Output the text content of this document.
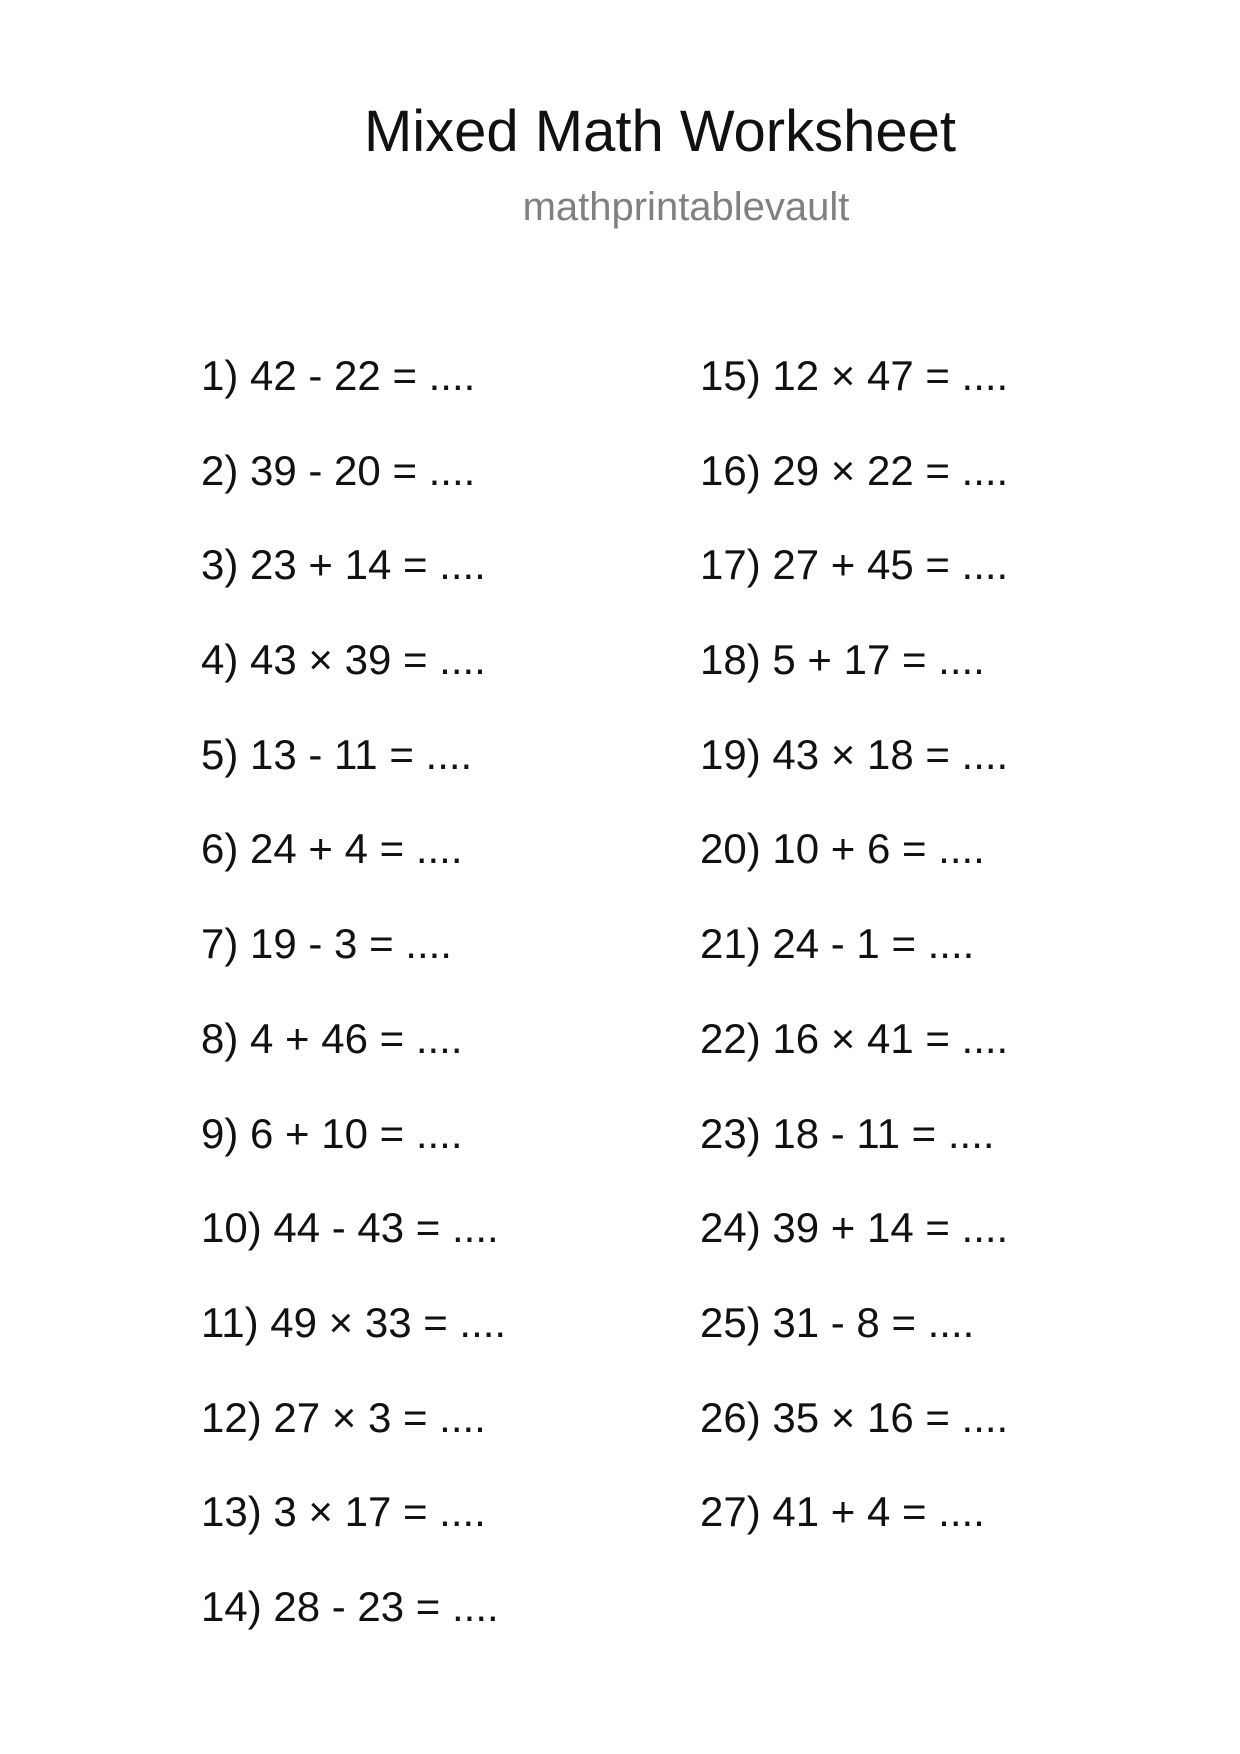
Mixed Math Worksheet
mathprintablevault
1) 42 - 22 = ....
2) 39 - 20 = ....
3) 23 + 14 = ....
4) 43 × 39 = ....
5) 13 - 11 = ....
6) 24 + 4 = ....
7) 19 - 3 = ....
8) 4 + 46 = ....
9) 6 + 10 = ....
10) 44 - 43 = ....
11) 49 × 33 = ....
12) 27 × 3 = ....
13) 3 × 17 = ....
14) 28 - 23 = ....
15) 12 × 47 = ....
16) 29 × 22 = ....
17) 27 + 45 = ....
18) 5 + 17 = ....
19) 43 × 18 = ....
20) 10 + 6 = ....
21) 24 - 1 = ....
22) 16 × 41 = ....
23) 18 - 11 = ....
24) 39 + 14 = ....
25) 31 - 8 = ....
26) 35 × 16 = ....
27) 41 + 4 = ....
